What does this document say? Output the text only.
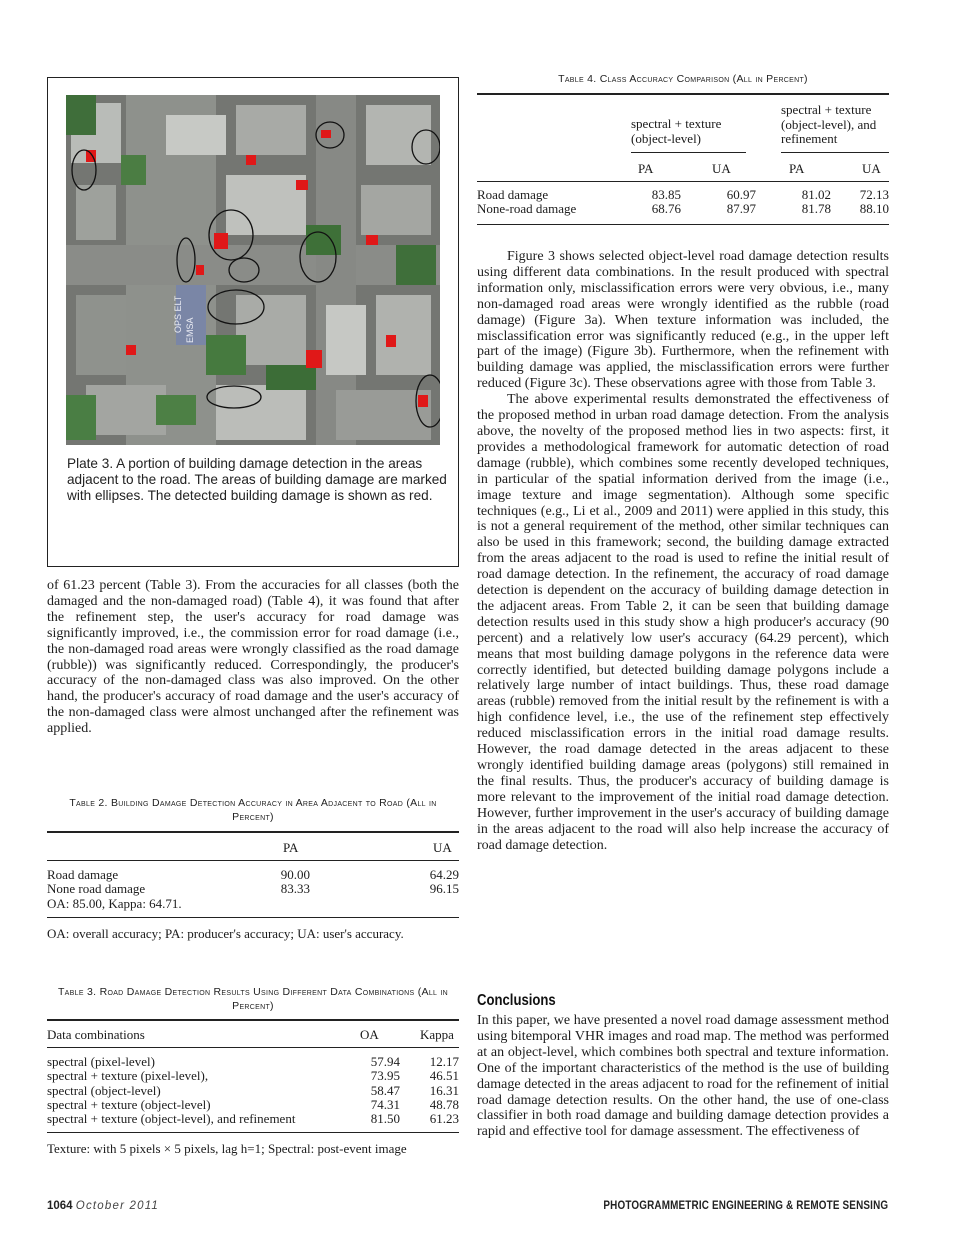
OPS ELT EMSA
Plate 3. A portion of building damage detection in the areas adjacent to the road. The areas of building damage are marked with ellipses. The detected building damage is shown as red.
Table 4. Class Accuracy Comparison (All in Percent)
spectral + texture (object-level)
spectral + texture (object-level), and refinement
PA	UA	PA	UA
Road damage	83.85	60.97	81.02	72.13
None-road damage	68.76	87.97	81.78	88.10

of 61.23 percent (Table 3). From the accuracies for all classes (both the damaged and the non-damaged road) (Table 4), it was found that after the refinement step, the user's accuracy for road damage was significantly improved, i.e., the commission error for road damage (i.e., the non-damaged road areas were wrongly classified as the road damage (rubble)) was significantly reduced. Correspondingly, the producer's accuracy of the non-damaged class was also improved. On the other hand, the producer's accuracy of road damage and the user's accuracy of the non-damaged class were almost unchanged after the refinement was applied.

Table 2. Building Damage Detection Accuracy in Area Adjacent to Road (All in Percent)
PA	UA
Road damage	90.00	64.29
None road damage	83.33	96.15
OA: 85.00, Kappa: 64.71.		
OA: overall accuracy; PA: producer's accuracy; UA: user's accuracy.
Table 3. Road Damage Detection Results Using Different Data Combinations (All in Percent)
Data combinations	OA	Kappa
spectral (pixel-level)	57.94	12.17
spectral + texture (pixel-level),	73.95	46.51
spectral (object-level)	58.47	16.31
spectral + texture (object-level)	74.31	48.78
spectral + texture (object-level), and refinement	81.50	61.23
Texture: with 5 pixels × 5 pixels, lag h=1; Spectral: post-event image

Figure 3 shows selected object-level road damage detection results using different data combinations. In the result produced with spectral information only, misclassification errors were very obvious, i.e., many non-damaged road areas were wrongly identified as the rubble (road damage) (Figure 3a). When texture information was included, the misclassification error was significantly reduced (e.g., in the upper left part of the image) (Figure 3b). Furthermore, when the refinement with building damage was applied, the misclassification errors were further reduced (Figure 3c). These observations agree with those from Table 3.

The above experimental results demonstrated the effectiveness of the proposed method in urban road damage detection. From the analysis above, the novelty of the proposed method lies in two aspects: first, it provides a methodological framework for automatic detection of road damage (rubble), which combines some recently developed techniques, in particular of the spatial information derived from the image (i.e., image texture and image segmentation). Although some specific techniques (e.g., Li et al., 2009 and 2011) were applied in this study, this is not a general requirement of the method, other similar techniques can also be used in this framework; second, the building damage extracted from the areas adjacent to the road is used to refine the initial result of road damage detection. In the refinement, the accuracy of road damage detection is dependent on the accuracy of building damage detection in the adjacent areas. From Table 2, it can be seen that building damage detection results used in this study show a high producer's accuracy (90 percent) and a relatively low user's accuracy (64.29 percent), which means that most building damage polygons in the reference data were correctly identified, but detected building damage polygons include a relatively large number of intact buildings. Thus, these road damage areas (rubble) removed from the initial result by the refinement is with a high confidence level, i.e., the use of the refinement step effectively reduced misclassification errors in the initial road damage results. However, the road damage detected in the areas adjacent to these wrongly identified building damage areas (polygons) still remained in the final results. Thus, the producer's accuracy of building damage is more relevant to the improvement of the initial road damage detection. However, further improvement in the user's accuracy of building damage in the areas adjacent to the road will also help increase the accuracy of road damage detection.

Conclusions

In this paper, we have presented a novel road damage assessment method using bitemporal VHR images and road map. The method was performed at an object-level, which combines both spectral and texture information. One of the important characteristics of the method is the use of building damage detected in the areas adjacent to road for the refinement of initial road damage detection results. On the other hand, the use of one-class classifier in both road damage and building damage detection provides a rapid and effective tool for damage assessment. The effectiveness of

1064 October 2011	PHOTOGRAMMETRIC ENGINEERING & REMOTE SENSING
